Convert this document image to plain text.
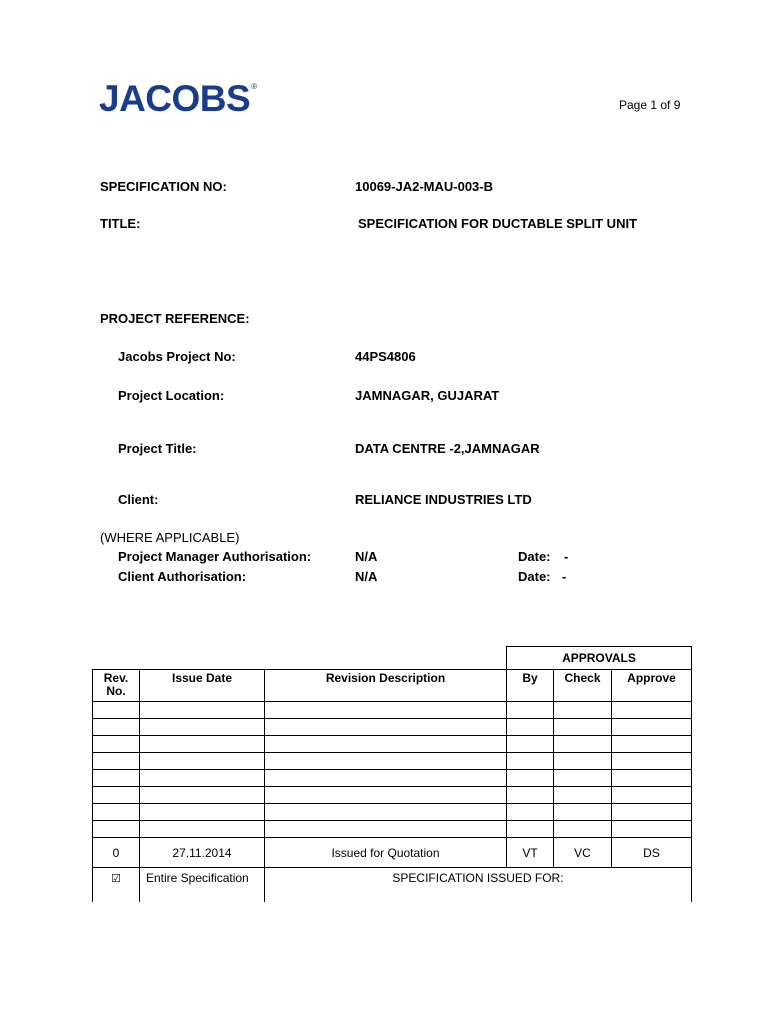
JACOBS®
Page 1 of 9
SPECIFICATION NO:	10069-JA2-MAU-003-B
TITLE:	SPECIFICATION FOR DUCTABLE SPLIT UNIT
PROJECT REFERENCE:
Jacobs Project No:	44PS4806
Project Location:	JAMNAGAR, GUJARAT
Project Title:	DATA CENTRE -2,JAMNAGAR
Client:	RELIANCE INDUSTRIES LTD
(WHERE APPLICABLE)
Project Manager Authorisation:	N/A	Date: -
Client Authorisation:	N/A	Date: -
			APPROVALS		
Rev. No.	Issue Date	Revision Description	By	Check	Approve

0	27.11.2014	Issued for Quotation	VT	VC	DS
☑	Entire Specification	SPECIFICATION ISSUED FOR:			
